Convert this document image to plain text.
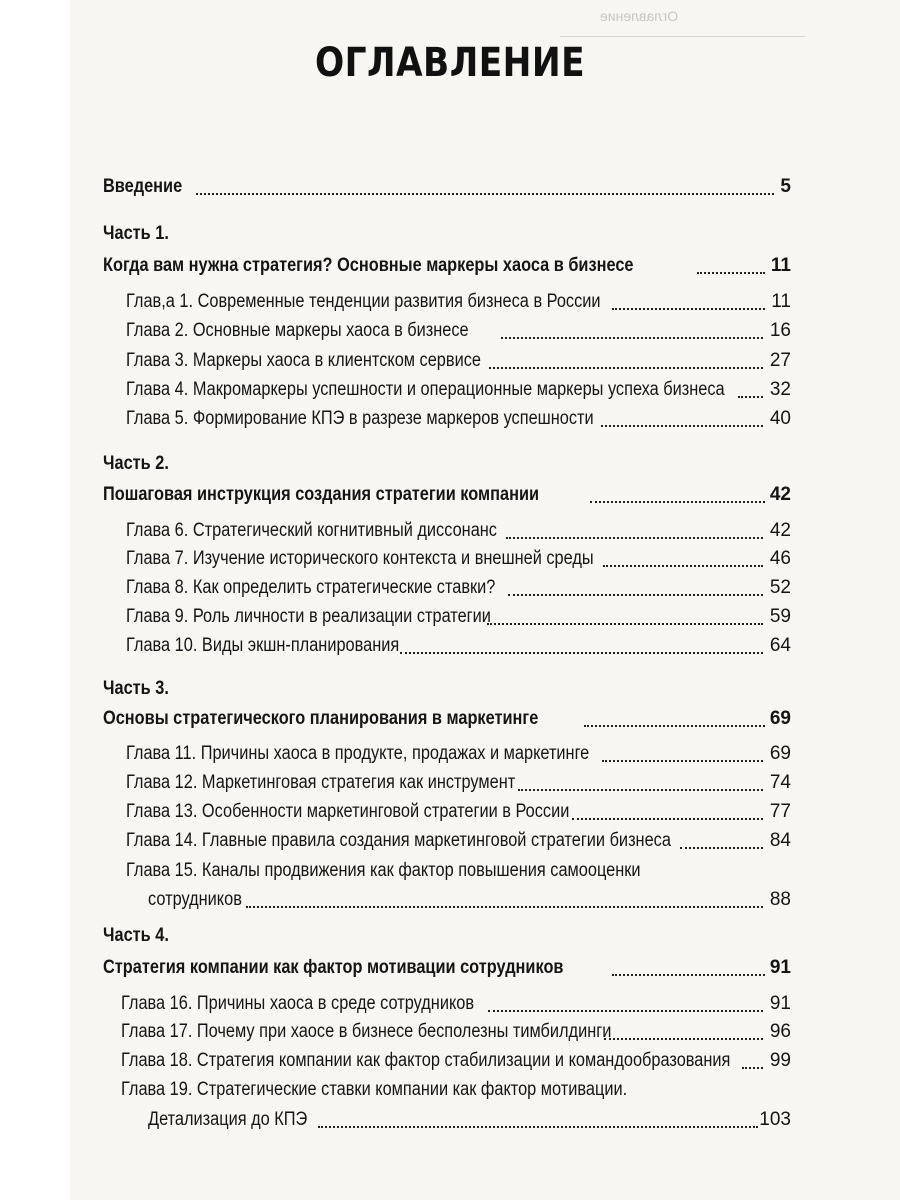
Оглавление
ОГЛАВЛЕНИЕ
Введение	5
Часть 1.
Когда вам нужна стратегия? Основные маркеры хаоса в бизнесе	11
Глав,а 1. Современные тенденции развития бизнеса в России	11
Глава 2. Основные маркеры хаоса в бизнесе	16
Глава 3. Маркеры хаоса в клиентском сервисе	27
Глава 4. Макромаркеры успешности и операционные маркеры успеха бизнеса	32
Глава 5. Формирование КПЭ в разрезе маркеров успешности	40
Часть 2.
Пошаговая инструкция создания стратегии компании	42
Глава 6. Стратегический когнитивный диссонанс	42
Глава 7. Изучение исторического контекста и внешней среды	46
Глава 8. Как определить стратегические ставки?	52
Глава 9. Роль личности в реализации стратегии	59
Глава 10. Виды экшн-планирования	64
Часть 3.
Основы стратегического планирования в маркетинге	69
Глава 11. Причины хаоса в продукте, продажах и маркетинге	69
Глава 12. Маркетинговая стратегия как инструмент	74
Глава 13. Особенности маркетинговой стратегии в России	77
Глава 14. Главные правила создания маркетинговой стратегии бизнеса	84
Глава 15. Каналы продвижения как фактор повышения самооценки
сотрудников	88
Часть 4.
Стратегия компании как фактор мотивации сотрудников	91
Глава 16. Причины хаоса в среде сотрудников	91
Глава 17. Почему при хаосе в бизнесе бесполезны тимбилдинги	96
Глава 18. Стратегия компании как фактор стабилизации и командообразования	99
Глава 19. Стратегические ставки компании как фактор мотивации.
Детализация до КПЭ	103
